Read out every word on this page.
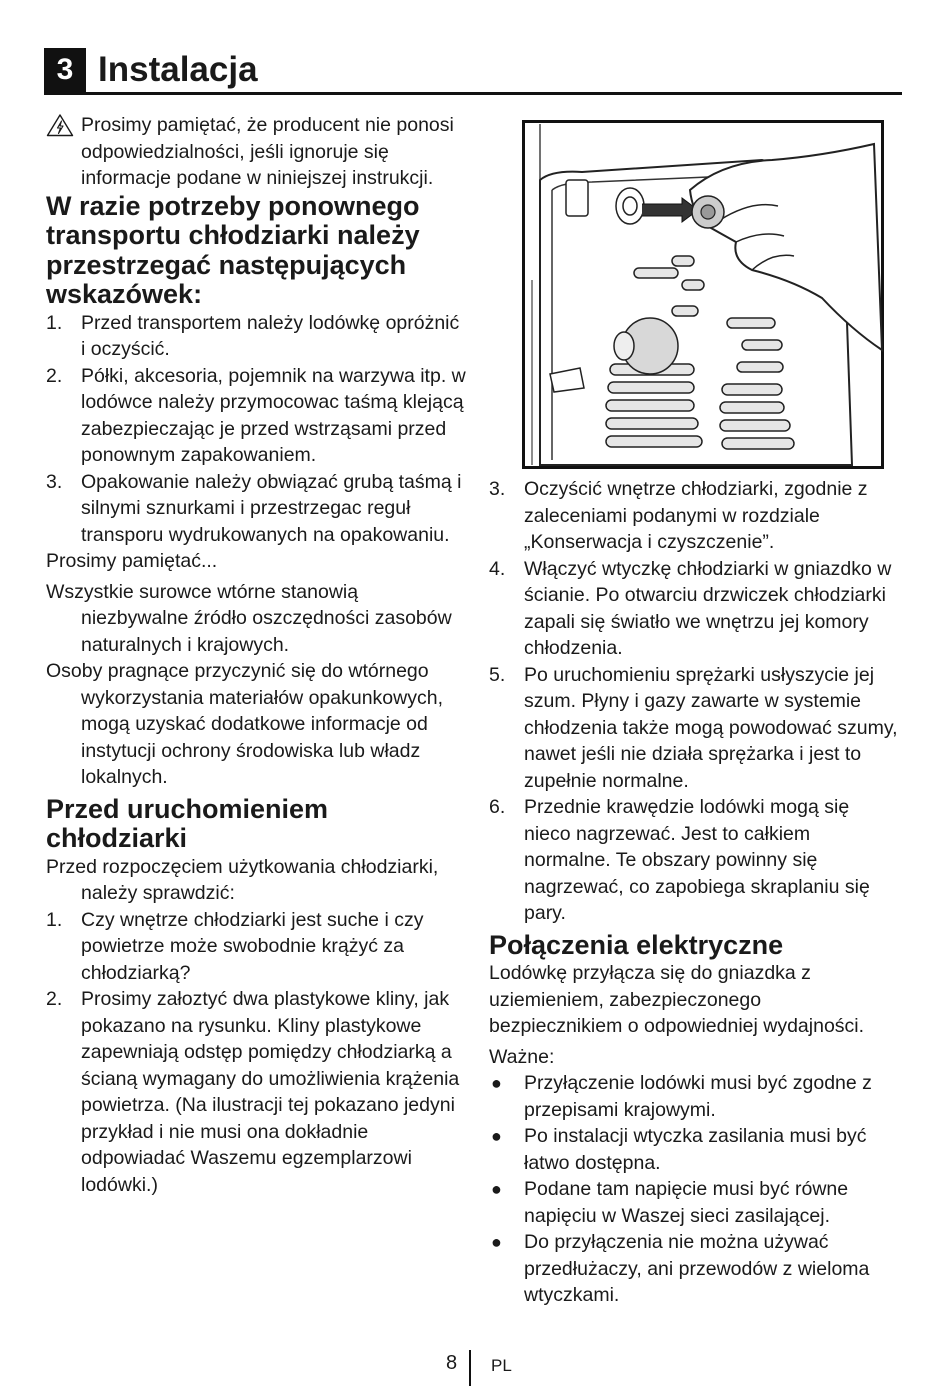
3 Instalacja

Prosimy pamiętać, że producent nie ponosi odpowiedzialności, jeśli ignoruje się informacje podane w niniejszej instrukcji.

W razie potrzeby ponownego transportu chłodziarki należy przestrzegać następujących wskazówek:
1. Przed transportem należy lodówkę opróżnić i oczyścić.
2. Półki, akcesoria, pojemnik na warzywa itp. w lodówce należy przymocowac taśmą klejącą zabezpieczając je przed wstrząsami przed ponownym zapakowaniem.
3. Opakowanie należy obwiązać grubą taśmą i silnymi sznurkami i przestrzegac reguł transporu wydrukowanych na opakowaniu.

Prosimy pamiętać...

Wszystkie surowce wtórne stanowią niezbywalne źródło oszczędności zasobów naturalnych i krajowych.

Osoby pragnące przyczynić się do wtórnego wykorzystania materiałów opakunkowych, mogą uzyskać dodatkowe informacje od instytucji ochrony środowiska lub władz lokalnych.

Przed uruchomieniem chłodziarki

Przed rozpoczęciem użytkowania chłodziarki, należy sprawdzić:

1. Czy wnętrze chłodziarki jest suche i czy powietrze może swobodnie krążyć za chłodziarką?
2. Prosimy załoztyć dwa plastykowe kliny, jak pokazano na rysunku. Kliny plastykowe zapewniają odstęp pomiędzy chłodziarką a ścianą wymagany do umożliwienia krążenia powietrza. (Na ilustracji tej pokazano jedyni przykład i nie musi ona dokładnie odpowiadać Waszemu egzemplarzowi lodówki.)
3. Oczyścić wnętrze chłodziarki, zgodnie z zaleceniami podanymi w rozdziale „Konserwacja i czyszczenie”.
4. Włączyć wtyczkę chłodziarki w gniazdko w ścianie. Po otwarciu drzwiczek chłodziarki zapali się światło we wnętrzu jej komory chłodzenia.
5. Po uruchomieniu sprężarki usłyszycie jej szum. Płyny i gazy zawarte w systemie chłodzenia także mogą powodować szumy, nawet jeśli nie działa sprężarka i jest to zupełnie normalne.
6. Przednie krawędzie lodówki mogą się nieco nagrzewać. Jest to całkiem normalne. Te obszary powinny się nagrzewać, co zapobiega skraplaniu się pary.
Połączenia elektryczne

Lodówkę przyłącza się do gniazdka z uziemieniem, zabezpieczonego bezpiecznikiem o odpowiedniej wydajności.

Ważne:

● Przyłączenie lodówki musi być zgodne z przepisami krajowymi.
● Po instalacji wtyczka zasilania musi być łatwo dostępna.
● Podane tam napięcie musi być równe napięciu w Waszej sieci zasilającej.
● Do przyłączenia nie można używać przedłużaczy, ani przewodów z wieloma wtyczkami.
8 PL
